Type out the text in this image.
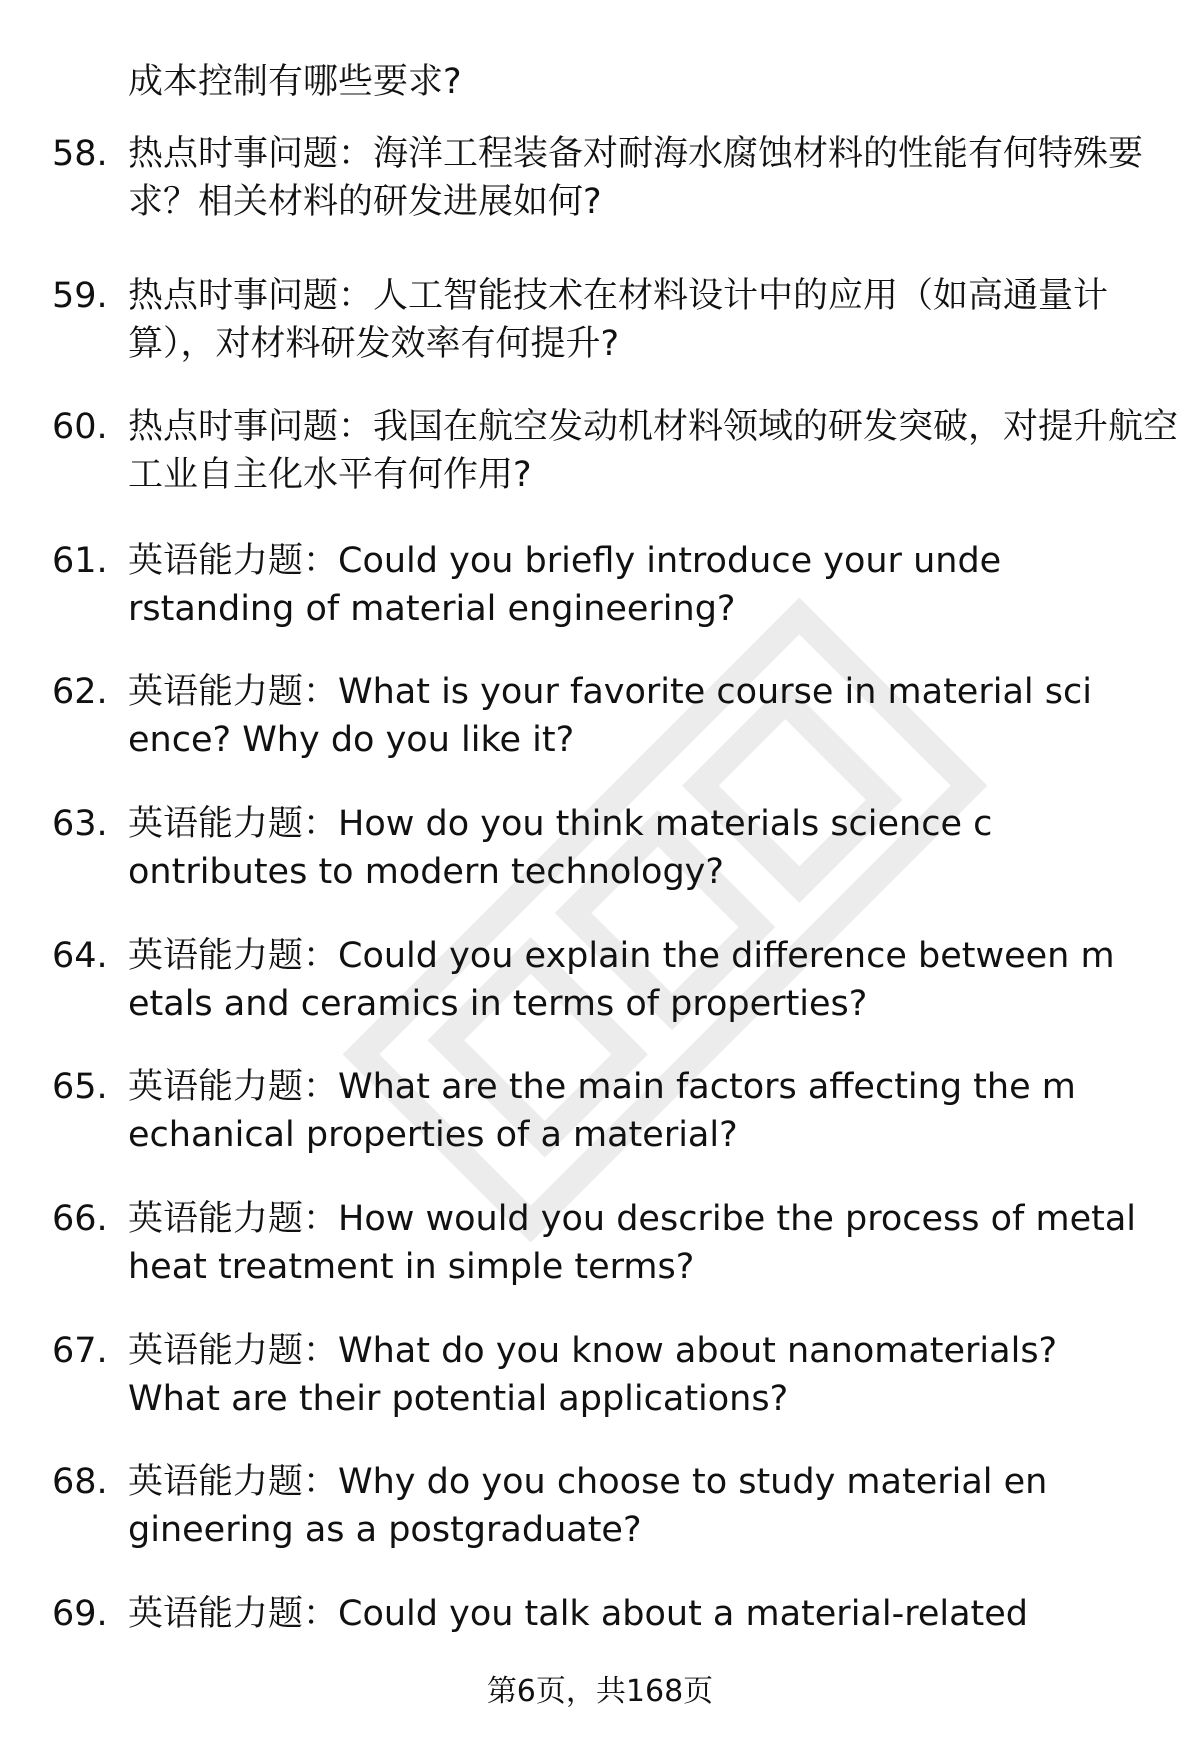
成本控制有哪些要求?
58. 热点时事问题：海洋工程装备对耐海水腐蚀材料的性能有何特殊要求？相关材料的研发进展如何?
59. 热点时事问题：人工智能技术在材料设计中的应用（如高通量计算），对材料研发效率有何提升?
60. 热点时事问题：我国在航空发动机材料领域的研发突破，对提升航空工业自主化水平有何作用?
61. 英语能力题：Could you briefly introduce your understanding of material engineering?
62. 英语能力题：What is your favorite course in material science? Why do you like it?
63. 英语能力题：How do you think materials science contributes to modern technology?
64. 英语能力题：Could you explain the difference between metals and ceramics in terms of properties?
65. 英语能力题：What are the main factors affecting the mechanical properties of a material?
66. 英语能力题：How would you describe the process of metal heat treatment in simple terms?
67. 英语能力题：What do you know about nanomaterials? What are their potential applications?
68. 英语能力题：Why do you choose to study material engineering as a postgraduate?
69. 英语能力题：Could you talk about a material-related
第6页，共168页
